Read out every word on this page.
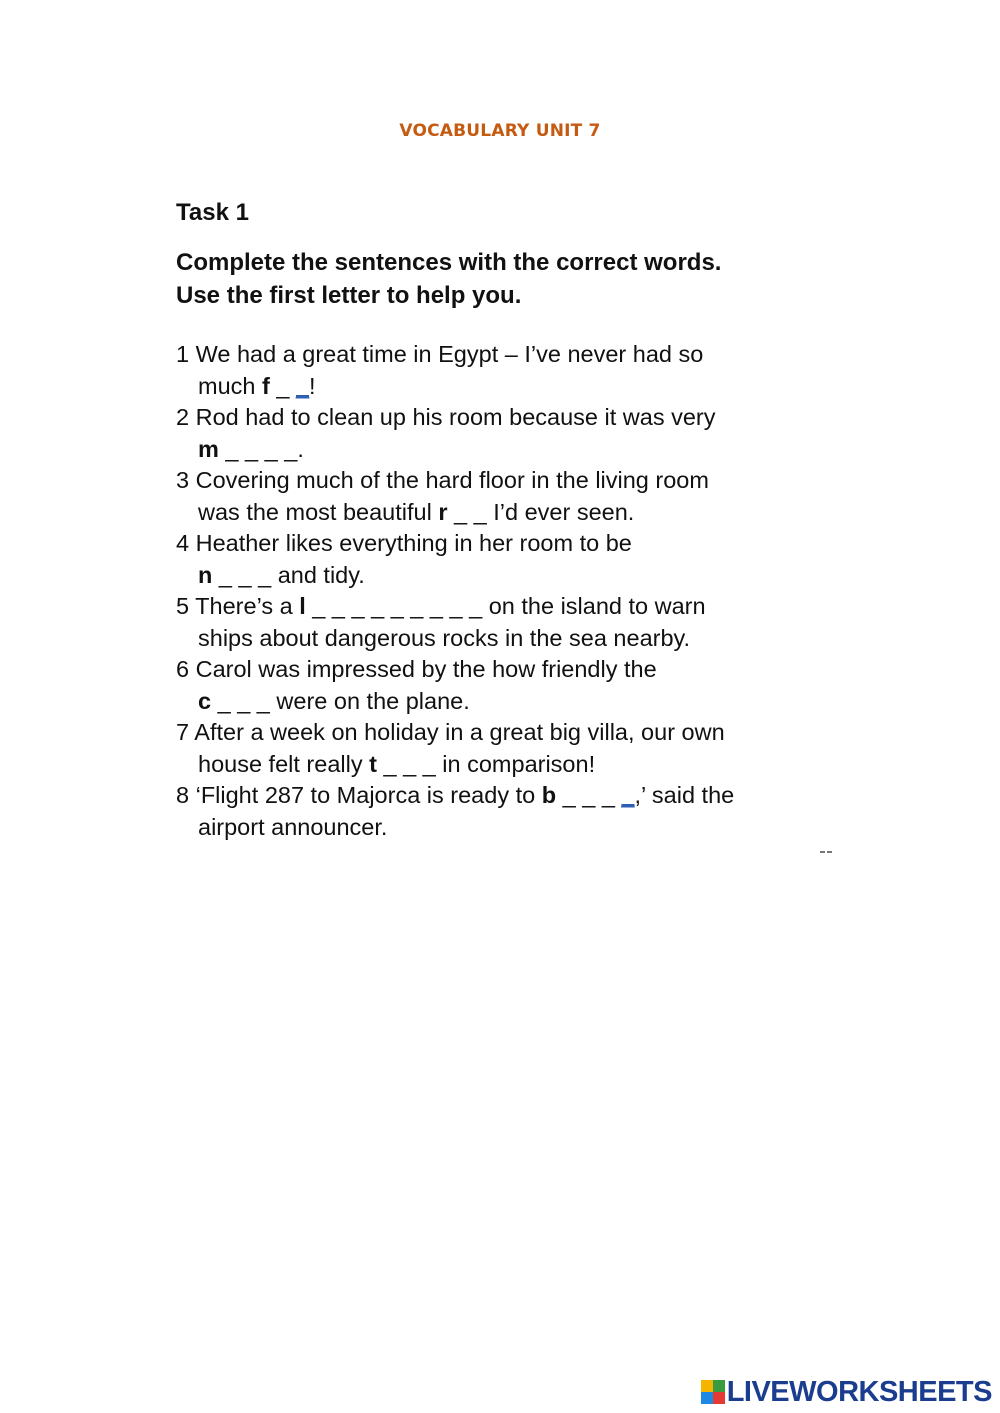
VOCABULARY UNIT 7
Task 1
Complete the sentences with the correct words.
Use the first letter to help you.
1 We had a great time in Egypt – I’ve never had so
much f _ _!
2 Rod had to clean up his room because it was very
m _ _ _ _.
3 Covering much of the hard floor in the living room
was the most beautiful r _ _ I’d ever seen.
4 Heather likes everything in her room to be
n _ _ _ and tidy.
5 There’s a l _ _ _ _ _ _ _ _ _ on the island to warn
ships about dangerous rocks in the sea nearby.
6 Carol was impressed by the how friendly the
c _ _ _ were on the plane.
7 After a week on holiday in a great big villa, our own
house felt really t _ _ _ in comparison!
8 ‘Flight 287 to Majorca is ready to b _ _ _ _,’ said the
airport announcer.
LIVEWORKSHEETS
